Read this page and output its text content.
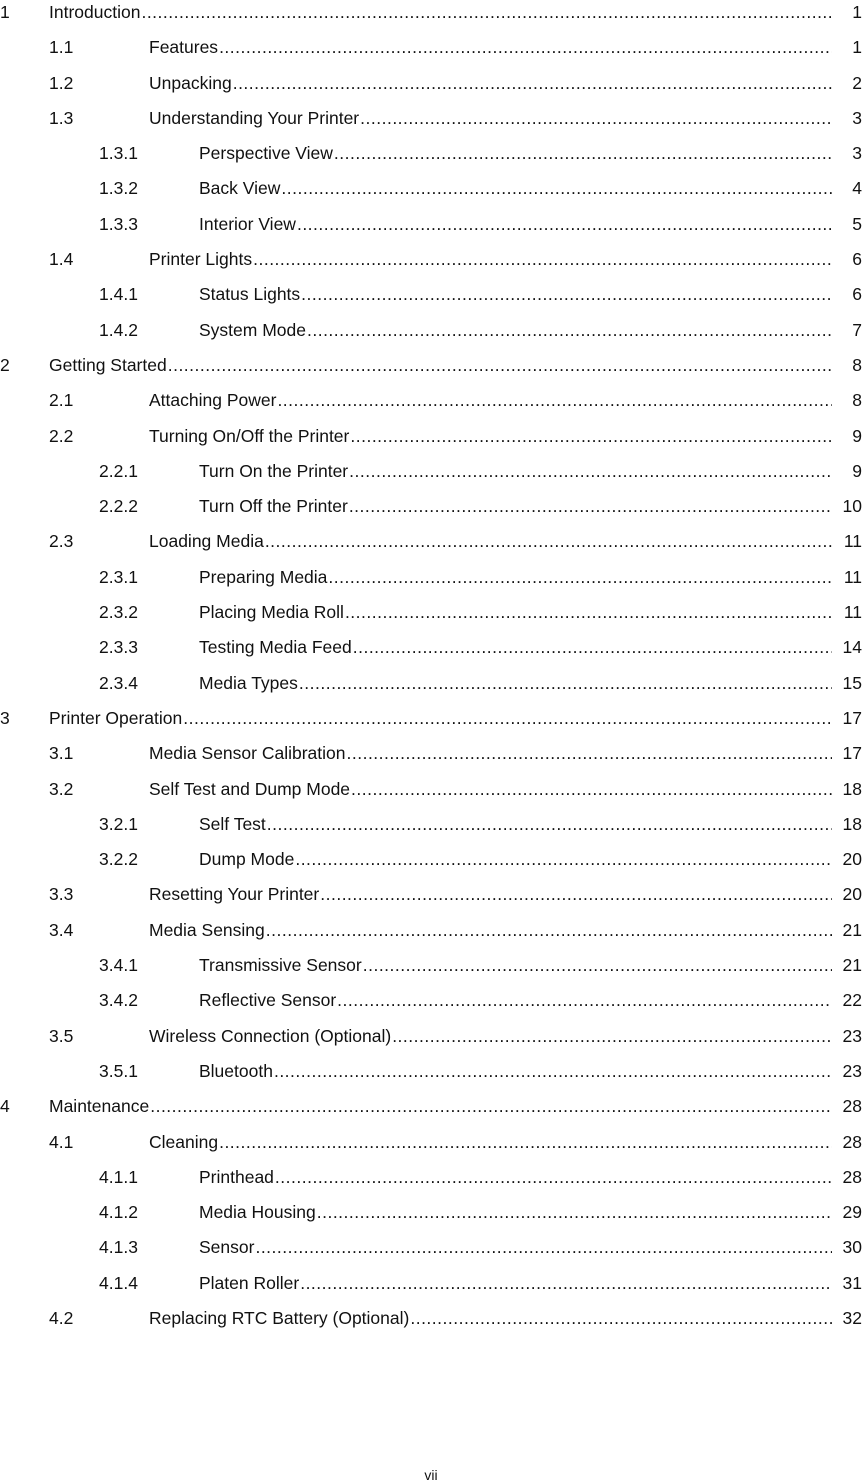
1 Introduction .....	1
1.1	Features .....	1
1.2	Unpacking .....	2
1.3	Understanding Your Printer .....	3
1.3.1	Perspective View .....	3
1.3.2	Back View .....	4
1.3.3	Interior View .....	5
1.4	Printer Lights .....	6
1.4.1	Status Lights .....	6
1.4.2	System Mode .....	7
2 Getting Started .....	8
2.1	Attaching Power .....	8
2.2	Turning On/Off the Printer .....	9
2.2.1	Turn On the Printer .....	9
2.2.2	Turn Off the Printer .....	10
2.3	Loading Media .....	11
2.3.1	Preparing Media .....	11
2.3.2	Placing Media Roll .....	11
2.3.3	Testing Media Feed .....	14
2.3.4	Media Types .....	15
3 Printer Operation .....	17
3.1	Media Sensor Calibration .....	17
3.2	Self Test and Dump Mode .....	18
3.2.1	Self Test .....	18
3.2.2	Dump Mode .....	20
3.3	Resetting Your Printer .....	20
3.4	Media Sensing .....	21
3.4.1	Transmissive Sensor .....	21
3.4.2	Reflective Sensor .....	22
3.5	Wireless Connection (Optional) .....	23
3.5.1	Bluetooth .....	23
4 Maintenance .....	28
4.1	Cleaning .....	28
4.1.1	Printhead .....	28
4.1.2	Media Housing .....	29
4.1.3	Sensor .....	30
4.1.4	Platen Roller .....	31
4.2	Replacing RTC Battery (Optional) .....	32
vii
